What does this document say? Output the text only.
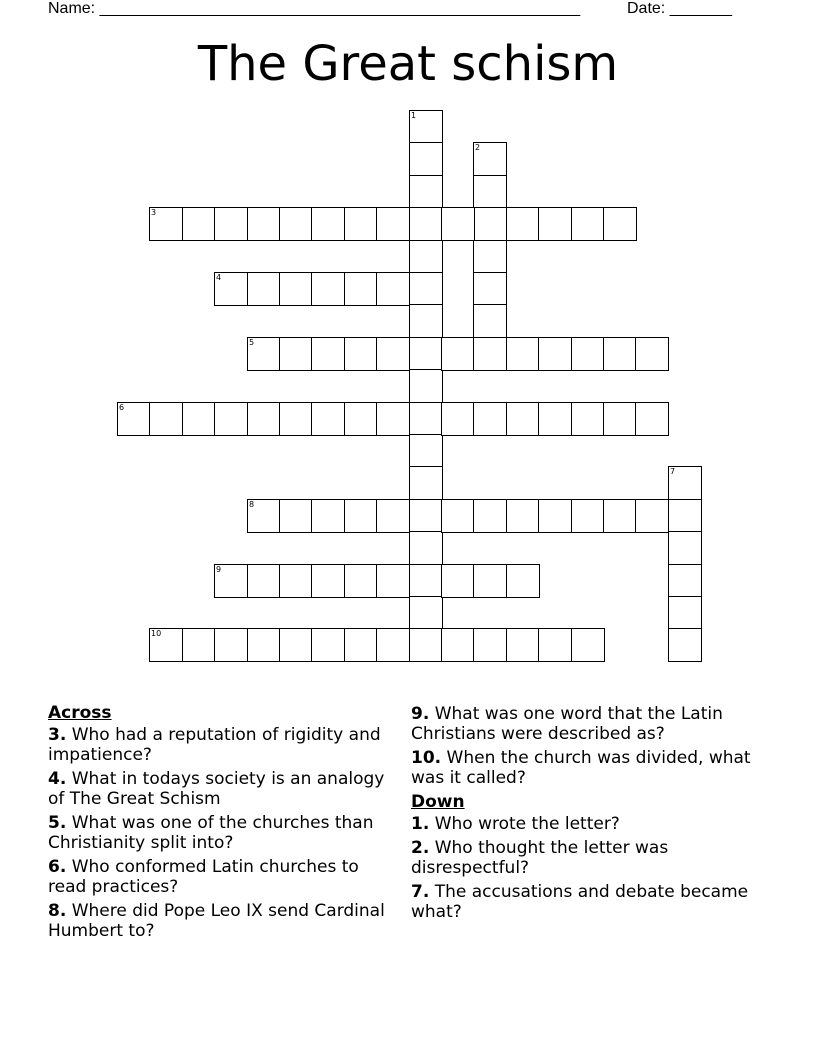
Name: ______________________________________________________	Date: _______
The Great schism
1
2
3
4
5
6
7
8
9
10
Across
3. Who had a reputation of rigidity and impatience?
4. What in todays society is an analogy of The Great Schism
5. What was one of the churches than Christianity split into?
6. Who conformed Latin churches to read practices?
8. Where did Pope Leo IX send Cardinal Humbert to?
9. What was one word that the Latin Christians were described as?
10. When the church was divided, what was it called?
Down
1. Who wrote the letter?
2. Who thought the letter was disrespectful?
7. The accusations and debate became what?
